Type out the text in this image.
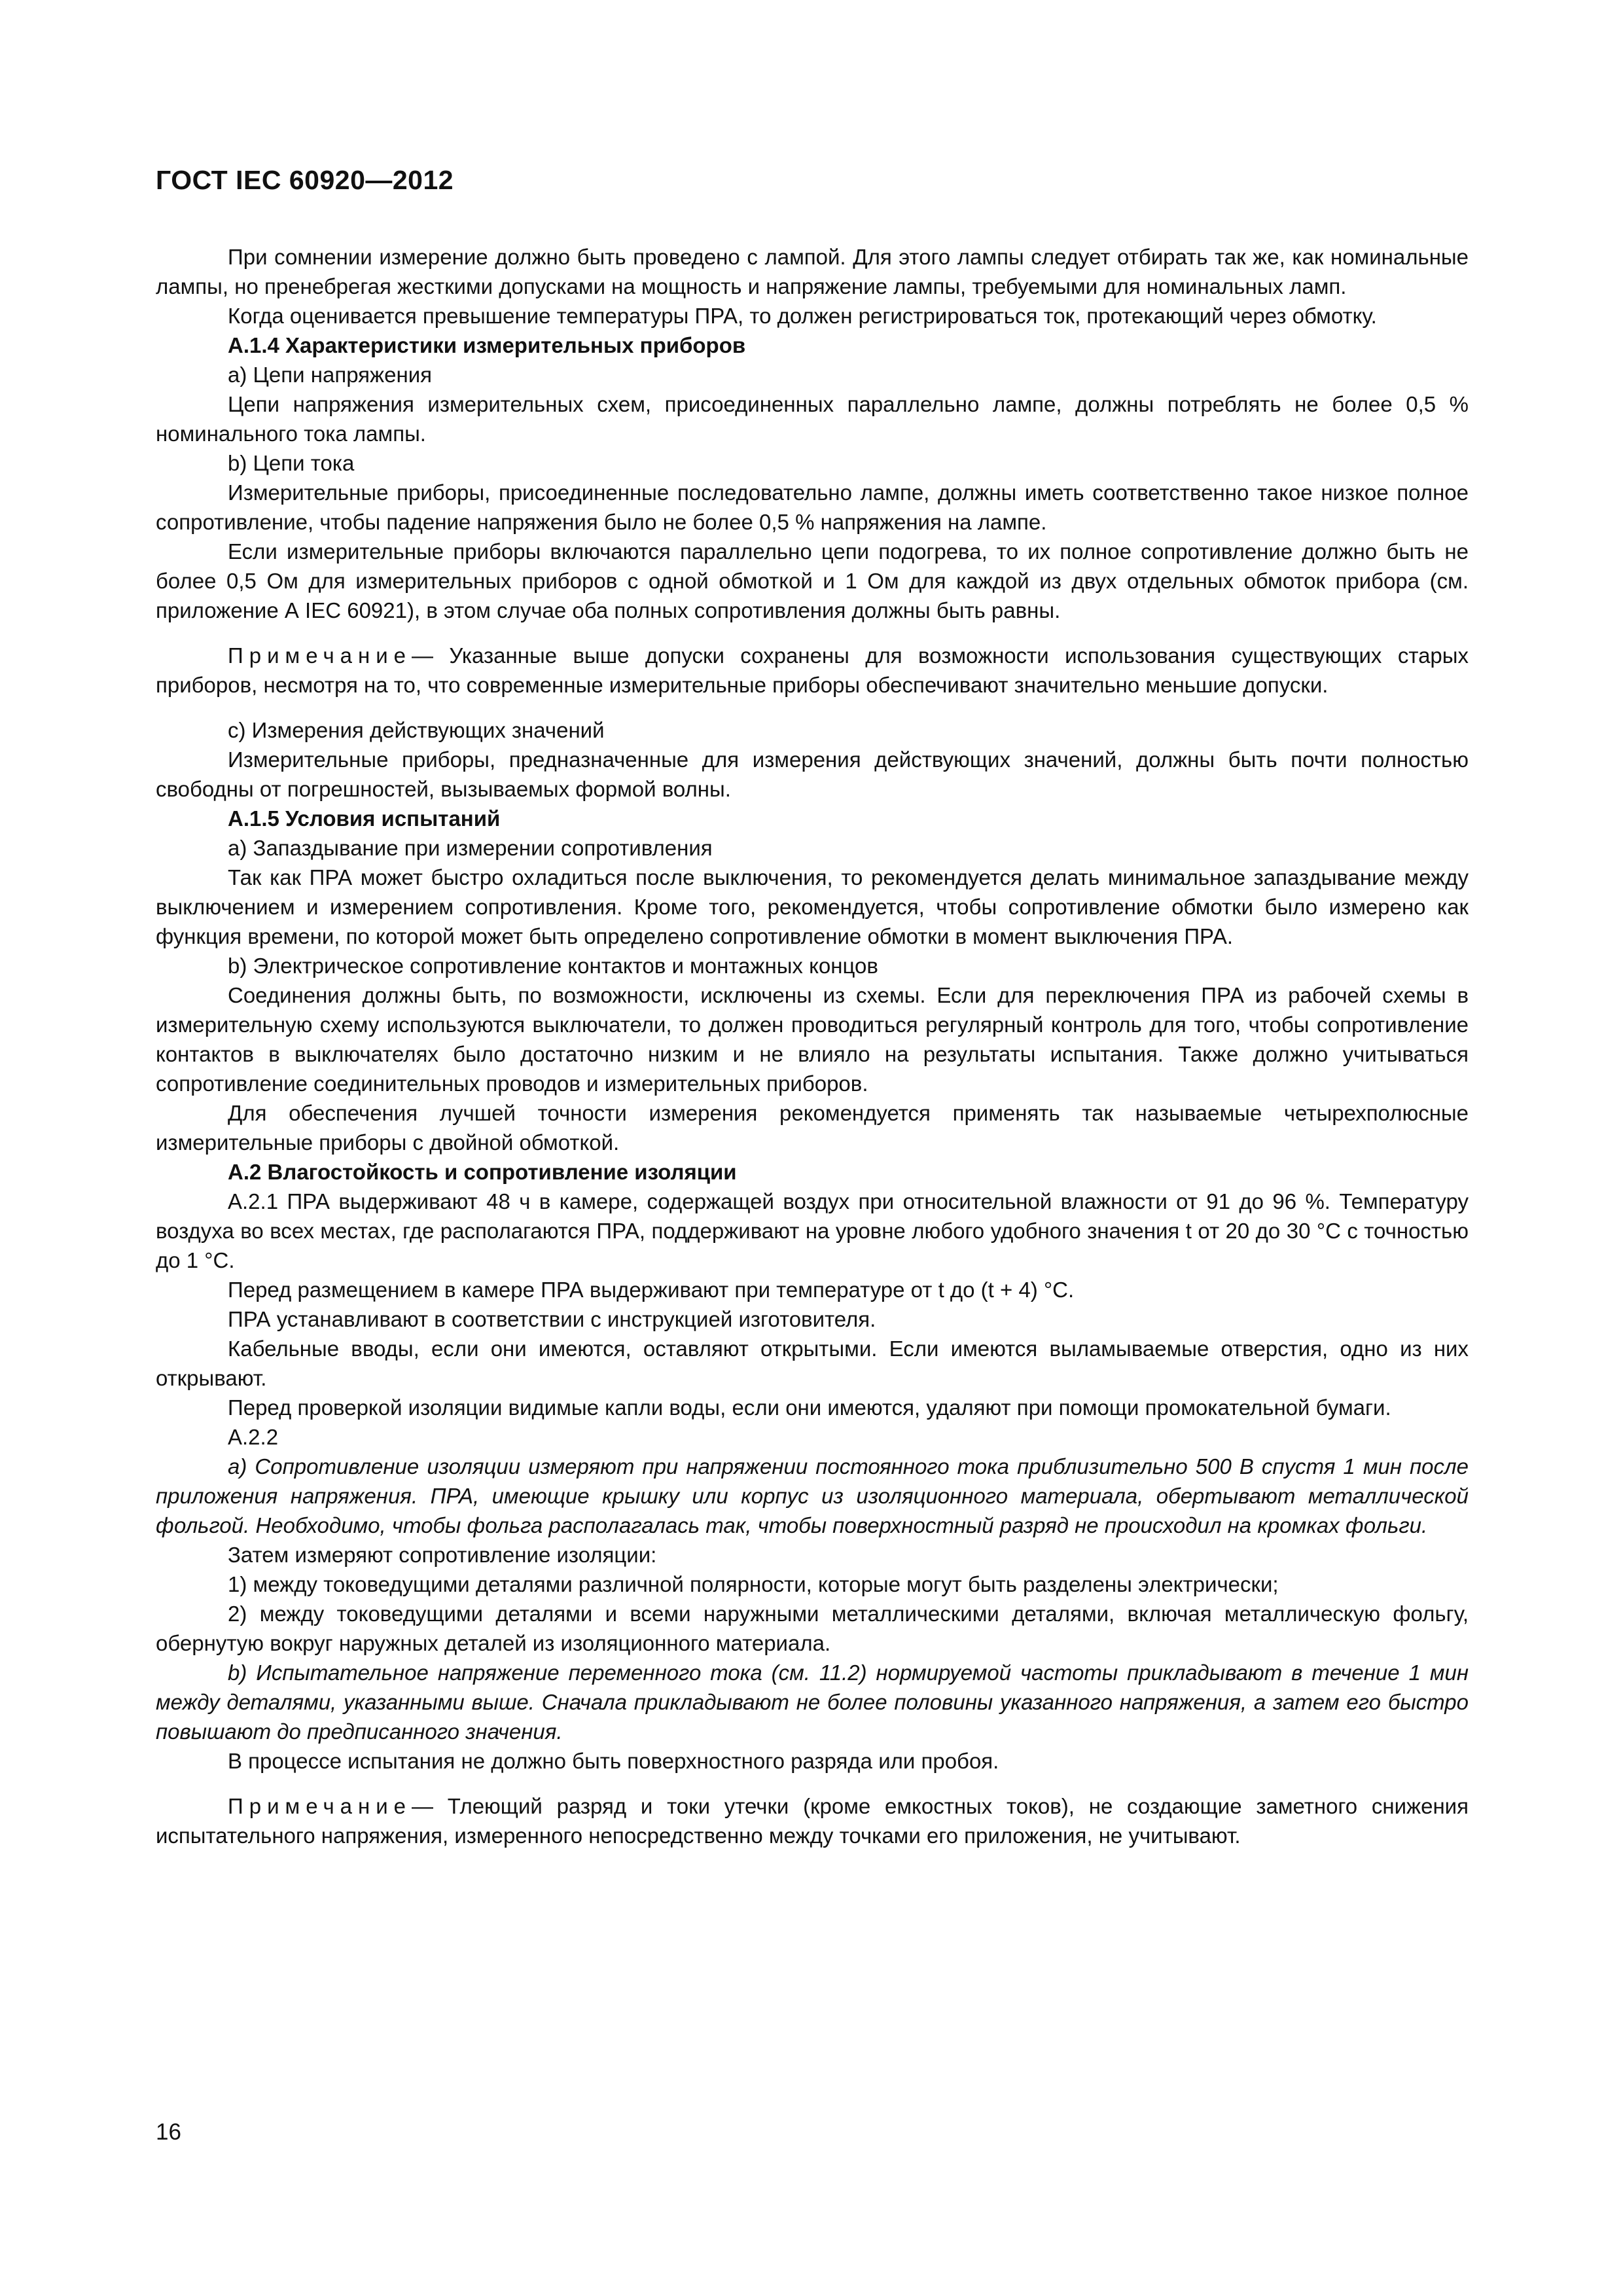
ГОСТ IEC 60920—2012

При сомнении измерение должно быть проведено с лампой. Для этого лампы следует отбирать так же, как номинальные лампы, но пренебрегая жесткими допусками на мощность и напряжение лампы, требуемыми для номинальных ламп.

Когда оценивается превышение температуры ПРА, то должен регистрироваться ток, протекающий через обмотку.

А.1.4 Характеристики измерительных приборов

а) Цепи напряжения

Цепи напряжения измерительных схем, присоединенных параллельно лампе, должны потреблять не более 0,5 % номинального тока лампы.

b) Цепи тока

Измерительные приборы, присоединенные последовательно лампе, должны иметь соответственно такое низкое полное сопротивление, чтобы падение напряжения было не более 0,5 % напряжения на лампе.

Если измерительные приборы включаются параллельно цепи подогрева, то их полное сопротивление должно быть не более 0,5 Ом для измерительных приборов с одной обмоткой и 1 Ом для каждой из двух отдельных обмоток прибора (см. приложение А IEC 60921), в этом случае оба полных сопротивления должны быть равны.

Примечание— Указанные выше допуски сохранены для возможности использования существующих старых приборов, несмотря на то, что современные измерительные приборы обеспечивают значительно меньшие допуски.

c) Измерения действующих значений

Измерительные приборы, предназначенные для измерения действующих значений, должны быть почти полностью свободны от погрешностей, вызываемых формой волны.

А.1.5 Условия испытаний

а) Запаздывание при измерении сопротивления

Так как ПРА может быстро охладиться после выключения, то рекомендуется делать минимальное запаздывание между выключением и измерением сопротивления. Кроме того, рекомендуется, чтобы сопротивление обмотки было измерено как функция времени, по которой может быть определено сопротивление обмотки в момент выключения ПРА.

b) Электрическое сопротивление контактов и монтажных концов

Соединения должны быть, по возможности, исключены из схемы. Если для переключения ПРА из рабочей схемы в измерительную схему используются выключатели, то должен проводиться регулярный контроль для того, чтобы сопротивление контактов в выключателях было достаточно низким и не влияло на результаты испытания. Также должно учитываться сопротивление соединительных проводов и измерительных приборов.

Для обеспечения лучшей точности измерения рекомендуется применять так называемые четырехполюсные измерительные приборы с двойной обмоткой.

А.2 Влагостойкость и сопротивление изоляции

А.2.1 ПРА выдерживают 48 ч в камере, содержащей воздух при относительной влажности от 91 до 96 %. Температуру воздуха во всех местах, где располагаются ПРА, поддерживают на уровне любого удобного значения t от 20 до 30 °С с точностью до 1 °С.

Перед размещением в камере ПРА выдерживают при температуре от t до (t + 4) °С.

ПРА устанавливают в соответствии с инструкцией изготовителя.

Кабельные вводы, если они имеются, оставляют открытыми. Если имеются выламываемые отверстия, одно из них открывают.

Перед проверкой изоляции видимые капли воды, если они имеются, удаляют при помощи промокательной бумаги.

А.2.2

а) Сопротивление изоляции измеряют при напряжении постоянного тока приблизительно 500 В спустя 1 мин после приложения напряжения. ПРА, имеющие крышку или корпус из изоляционного материала, обертывают металлической фольгой. Необходимо, чтобы фольга располагалась так, чтобы поверхностный разряд не происходил на кромках фольги.

Затем измеряют сопротивление изоляции:

1) между токоведущими деталями различной полярности, которые могут быть разделены электрически;

2) между токоведущими деталями и всеми наружными металлическими деталями, включая металлическую фольгу, обернутую вокруг наружных деталей из изоляционного материала.

b) Испытательное напряжение переменного тока (см. 11.2) нормируемой частоты прикладывают в течение 1 мин между деталями, указанными выше. Сначала прикладывают не более половины указанного напряжения, а затем его быстро повышают до предписанного значения.

В процессе испытания не должно быть поверхностного разряда или пробоя.

Примечание— Тлеющий разряд и токи утечки (кроме емкостных токов), не создающие заметного снижения испытательного напряжения, измеренного непосредственно между точками его приложения, не учитывают.

16
